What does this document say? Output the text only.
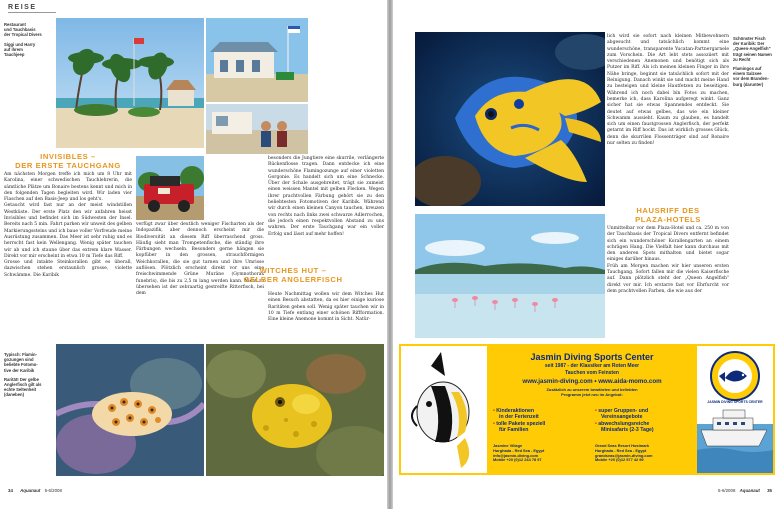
REISE
Restaurant
und Tauchbasis
der Tropical Divers
Siggi und Harry
auf ihrem
Tauchjeep
INVISIBLES –
DER ERSTE TAUCHGANG

Am nächsten Morgen treffe ich mich um 8 Uhr mit Karolina, einer schwedischen Tauchlehrerin, die sämtliche Plätze um Bonaire bestens kennt und mich in den folgenden Tagen begleiten wird. Wir laden vier Flaschen auf den Basis-Jeep und los geht's.

Getaucht wird fast nur an der meist windstillen Westküste. Der erste Platz den wir anfahren heisst Invisibles und befindet sich im Südwesten der Insel. Bereits nach 5 min. Fahrt parken wir unweit des gelben Markierungssteins und ich baue voller Vorfreude meine Ausrüstung zusammen. Das Meer ist sehr ruhig und es herrscht fast kein Wellengang. Wenig später tauchen wir ab und ich staune über das extrem klare Wasser. Direkt vor mir erscheint in etwa 10 m Tiefe das Riff.

Grosse und intakte Steinkorallen gibt es überall, dazwischen stehen erstaunlich grosse, violette Schwämme. Die Karibik

verfügt zwar über deutlich weniger Fischarten als der Indopazifik, aber dennoch erscheint mir die Biodiversität an diesem Riff überraschend gross. Häufig sieht man Trompetenfische, die ständig ihre Färbungen wechseln. Besonders gerne hängen sie kopfüber in den grossen, strauchförmigen Weichkorallen, die sie gut tarnen und ihre Umrisse auflösen. Plötzlich erscheint direkt vor uns eine freischwimmende Grüne Muräne (Gymnothorax funebris), die bis zu 2,5 m lang werden kann. Nicht zu übersehen ist der zebraartig gestreifte Ritterfisch, bei dem

besonders die Jungtiere eine skurrile, verlängerte Rückenflosse tragen. Dann entdecke ich eine wunderschöne Flamingozunge auf einer violetten Gorgonie. Es handelt sich um eine Schnecke. Über der Schale ausgebreitet, trägt sie zumeist einen weissen Mantel mit gelben Flecken. Wegen ihrer prachtvollen Färbung gehört sie zu den beliebtesten Fotomotiven der Karibik. Während wir durch einen kleinen Canyon tauchen, kreuzen von rechts nach links zwei schwarze Adlerrochen, die jedoch einen respektvollen Abstand zu uns wahren. Der erste Tauchgang war ein voller Erfolg und lässt auf mehr hoffen!

WITCHES HUT –
GELBER ANGLERFISCH

Heute Nachmittag wollen wir dem Witches Hut einen Besuch abstatten, da es hier einige kuriose Raritäten geben soll. Wenig später tauchen wir in 10 m Tiefe entlang einer schönen Riffformation. Eine kleine Anemone kommt in Sicht. Natür-

Typisch: Flamin-
gozungen sind
beliebte Fotomo-
tive der Karibik
Rarität! Der gelbe
Anglerfisch gilt als
echte Seltenheit
(daneben)
34 Aquanaut 5-6/2008
Schönster Fisch
der Karibik: Der
„Queen-Angelfish"
trägt seinen Namen
zu Recht
Flamingos auf
einem Salzsee
vor dem Branden-
burg (darunter)

lich wird sie sofort nach kleinen Mitbewohnern abgesucht und tatsächlich kommt eine wunderschöne, transparente Yucatan-Partnergarnele zum Vorschein. Die Art lebt stets assoziiert mit verschiedenen Anemonen und benötigt sich als Putzer im Riff. Als ich meinen kleinen Finger in ihre Nähe bringe, beginnt sie tatsächlich sofort mit der Reinigung. Danach winkt sie und macht meine Hand zu besteigen und kleine Hautfetzen zu beseitigen. Während ich noch dabei bin Fotos zu machen, bemerke ich, dass Karolina aufgeregt winkt. Ganz sicher hat sie etwas Spannendes entdeckt. Sie deutet auf etwas gelbes, das wie ein kleiner Schwamm aussieht. Kaum zu glauben, es handelt sich um einen faustgrossen Anglerfisch, der perfekt getarnt im Riff hockt. Das ist wirklich grosses Glück, denn die skurrilen Flossenträger sind auf Bonaire nur selten zu finden!

HAUSRIFF DES
PLAZA-HOTELS

Unmittelbar vor dem Plaza-Hotel und ca. 250 m von der Tauchbasis der Tropical Divers entfernt befindet sich ein wunderschöner Korallengarten an einem schrägen Hang. Die Vielfalt hier kann durchaus mit den anderen Spots mithalten und bietet sogar einiges darüber hinaus.

Früh am Morgen machen wir hier unseren ersten Tauchgang. Sofort fallen mir die vielen Kaiserfische auf. Dann plötzlich steht der „Queen Angelfish" direkt vor mir. Ich erstarre fast vor Ehrfurcht vor dem prachtvollen Farben, die wie aus der

Jasmin Diving Sports Center
seit 1987 - der Klassiker am Roten Meer
Tauchen vom Feinsten
www.jasmin-diving.com • www.aida-momo.com
Zusätzlich zu unserem bewährten und beliebten
Programm jetzt neu im Angebot:
• Kinderaktionen
in der Ferienzeit
• tolle Pakete speziell
für Familien
• super Gruppen- und
Vereinsangebote
• abwechslungsreiche
Minisafaris (2-3 Tage)
Jasmine Village
Hurghada - Red Sea - Egypt
info@jasmin-diving.com
Mobile +20 (0)12 244 78 97
Grand Seas Resort Hostmark
Hurghada - Red Sea - Egypt
grandseas@jasmin-diving.com
Mobile +20 (0)12 577 42 99
JASMIN DIVING SPORTS CENTER
5-6/2008 Aquanaut 35
